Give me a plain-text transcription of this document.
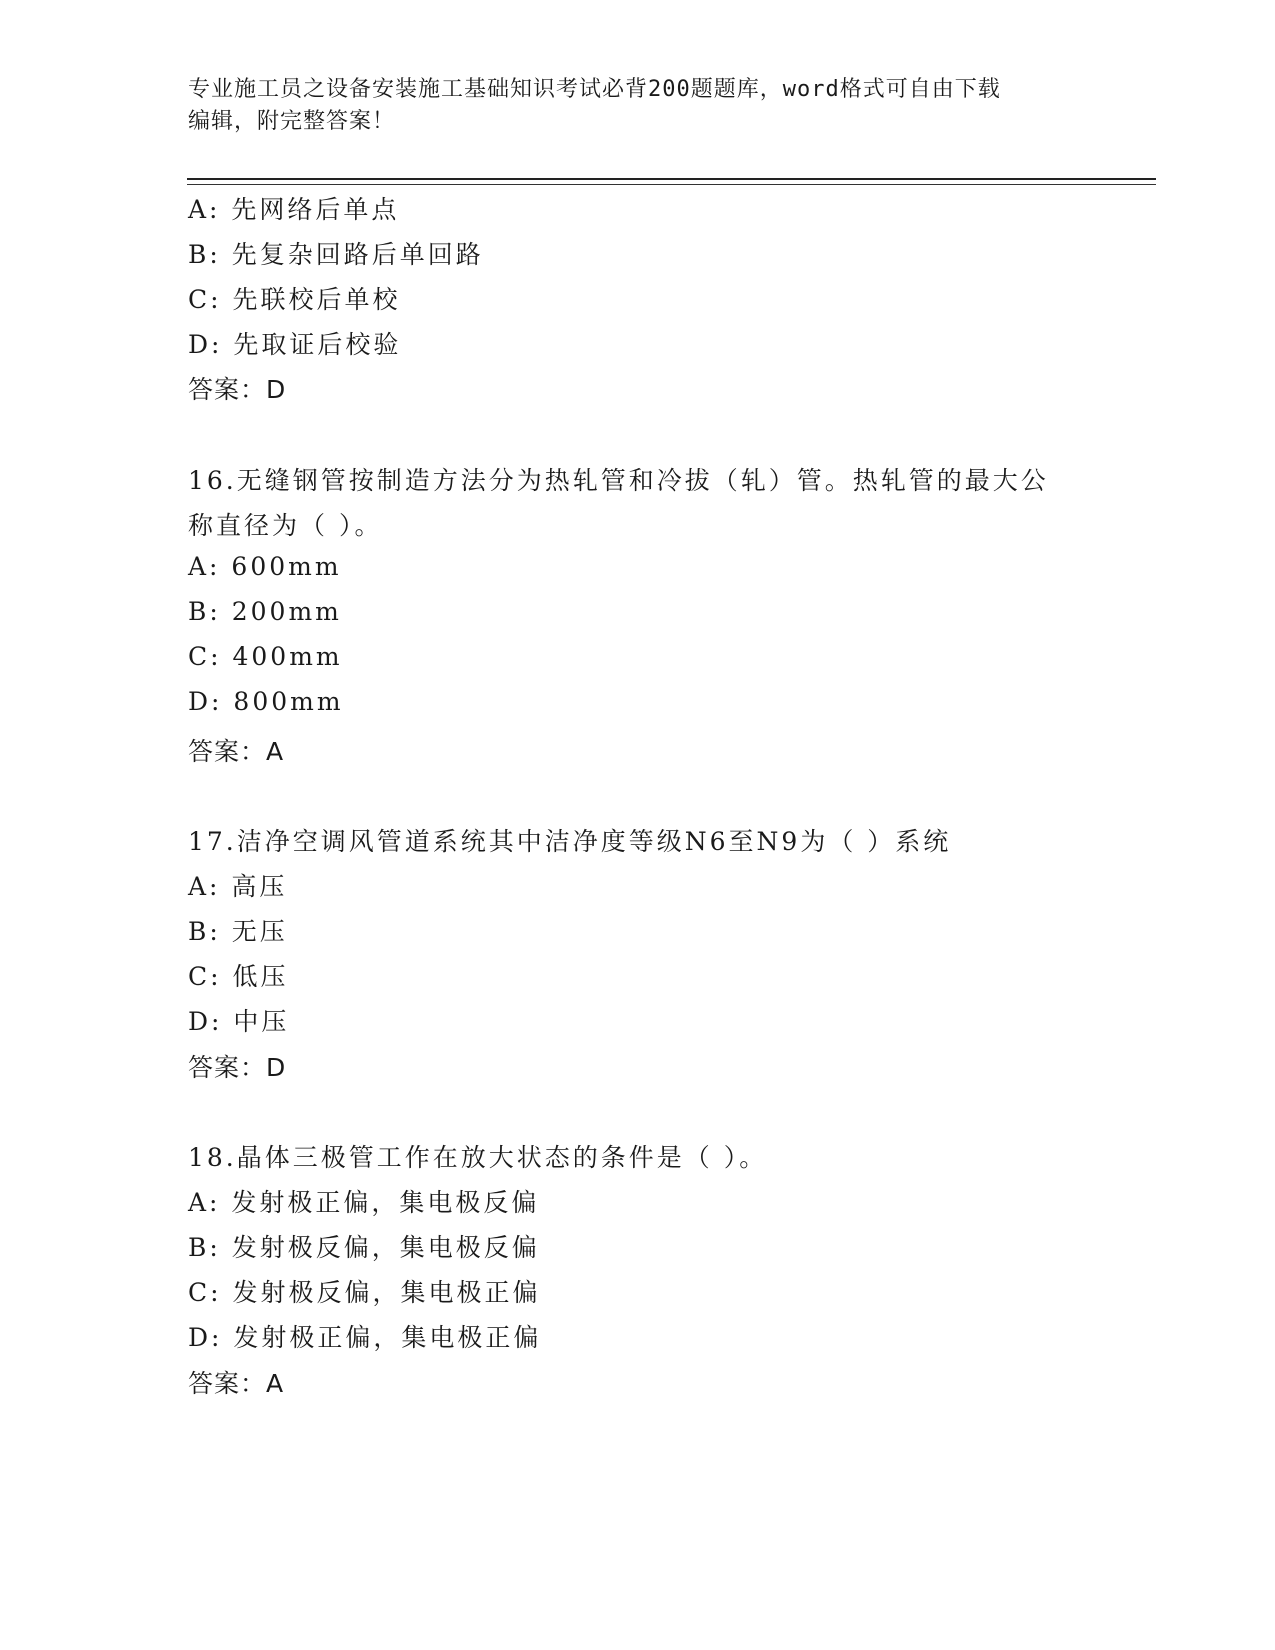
专业施工员之设备安装施工基础知识考试必背200题题库，word格式可自由下载
编辑，附完整答案！
A: 先网络后单点
B: 先复杂回路后单回路
C: 先联校后单校
D: 先取证后校验
答案：D
16.无缝钢管按制造方法分为热轧管和冷拔（轧）管。热轧管的最大公
称直径为（ ）。
A: 600mm
B: 200mm
C: 400mm
D: 800mm
答案：A
17.洁净空调风管道系统其中洁净度等级N6至N9为（ ）系统
A: 高压
B: 无压
C: 低压
D: 中压
答案：D
18.晶体三极管工作在放大状态的条件是（ ）。
A: 发射极正偏，集电极反偏
B: 发射极反偏，集电极反偏
C: 发射极反偏，集电极正偏
D: 发射极正偏，集电极正偏
答案：A
